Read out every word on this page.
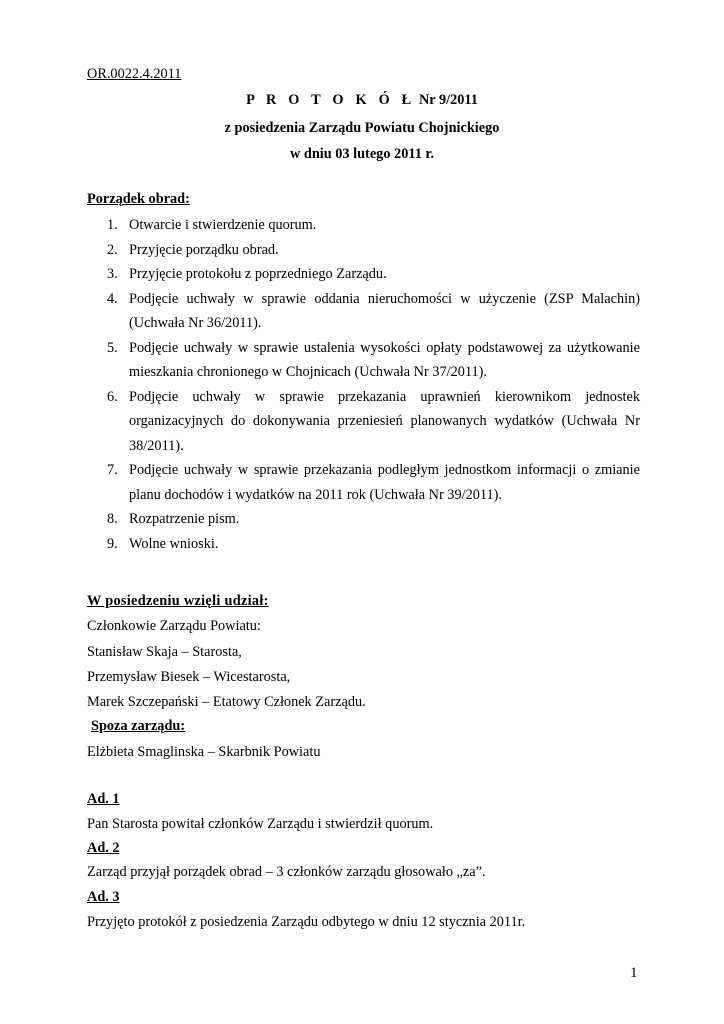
OR.0022.4.2011
P R O T O K Ó Ł Nr 9/2011
z posiedzenia Zarządu Powiatu Chojnickiego
w dniu 03 lutego 2011 r.
Porządek obrad:
1. Otwarcie i stwierdzenie quorum.
2. Przyjęcie porządku obrad.
3. Przyjęcie protokołu z poprzedniego Zarządu.
4. Podjęcie uchwały w sprawie oddania nieruchomości w użyczenie (ZSP Malachin) (Uchwała Nr 36/2011).
5. Podjęcie uchwały w sprawie ustalenia wysokości opłaty podstawowej za użytkowanie mieszkania chronionego w Chojnicach (Uchwała Nr 37/2011).
6. Podjęcie uchwały w sprawie przekazania uprawnień kierownikom jednostek organizacyjnych do dokonywania przeniesień planowanych wydatków (Uchwała Nr 38/2011).
7. Podjęcie uchwały w sprawie przekazania podległym jednostkom informacji o zmianie planu dochodów i wydatków na 2011 rok (Uchwała Nr 39/2011).
8. Rozpatrzenie pism.
9. Wolne wnioski.
W posiedzeniu wzięli udział:
Członkowie Zarządu Powiatu:
Stanisław Skaja – Starosta,
Przemysław Biesek – Wicestarosta,
Marek Szczepański – Etatowy Członek Zarządu.
Spoza zarządu:
Elżbieta Smaglinska – Skarbnik Powiatu
Ad. 1
Pan Starosta powitał członków Zarządu i stwierdził quorum.
Ad. 2
Zarząd przyjął porządek obrad – 3 członków zarządu głosowało „za”.
Ad. 3
Przyjęto protokół z posiedzenia Zarządu odbytego w dniu 12 stycznia 2011r.
1
